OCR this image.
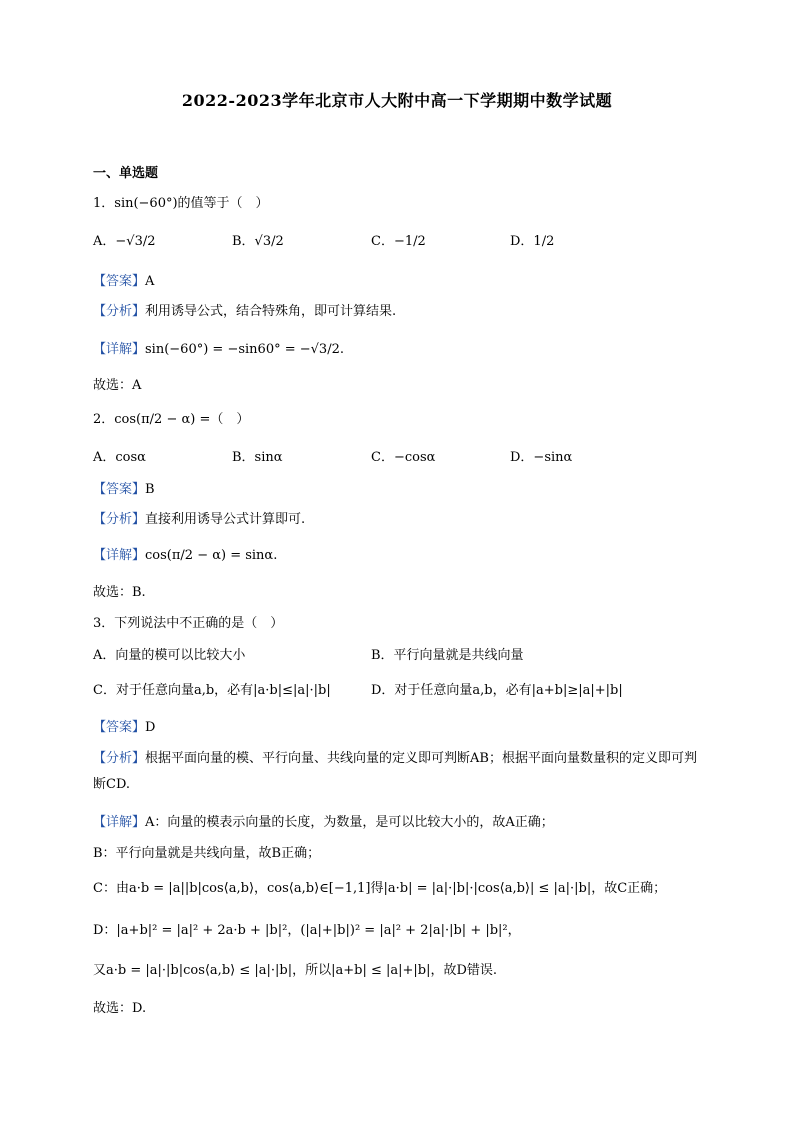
2022-2023学年北京市人大附中高一下学期期中数学试题
一、单选题
1．sin(−60°)的值等于（　）
A．−√3/2	B．√3/2	C．−1/2	D．1/2
【答案】A
【分析】利用诱导公式，结合特殊角，即可计算结果.
【详解】sin(−60°) = −sin60° = −√3/2.
故选：A
2．cos(π/2 − α) =（　）
A．cosα	B．sinα	C．−cosα	D．−sinα
【答案】B
【分析】直接利用诱导公式计算即可.
【详解】cos(π/2 − α) = sinα.
故选：B.
3．下列说法中不正确的是（　）
A．向量的模可以比较大小	B．平行向量就是共线向量
C．对于任意向量a,b，必有|a·b|≤|a|·|b|	D．对于任意向量a,b，必有|a+b|≥|a|+|b|
【答案】D
【分析】根据平面向量的模、平行向量、共线向量的定义即可判断AB；根据平面向量数量积的定义即可判断CD.
【详解】A：向量的模表示向量的长度，为数量，是可以比较大小的，故A正确；
B：平行向量就是共线向量，故B正确；
C：由a·b = |a||b|cos⟨a,b⟩，cos⟨a,b⟩∈[−1,1]得|a·b| = |a|·|b|·|cos⟨a,b⟩| ≤ |a|·|b|，故C正确；
D：|a+b|² = |a|² + 2a·b + |b|²，(|a|+|b|)² = |a|² + 2|a|·|b| + |b|²，
又a·b = |a|·|b|cos⟨a,b⟩ ≤ |a|·|b|，所以|a+b| ≤ |a|+|b|，故D错误.
故选：D.
